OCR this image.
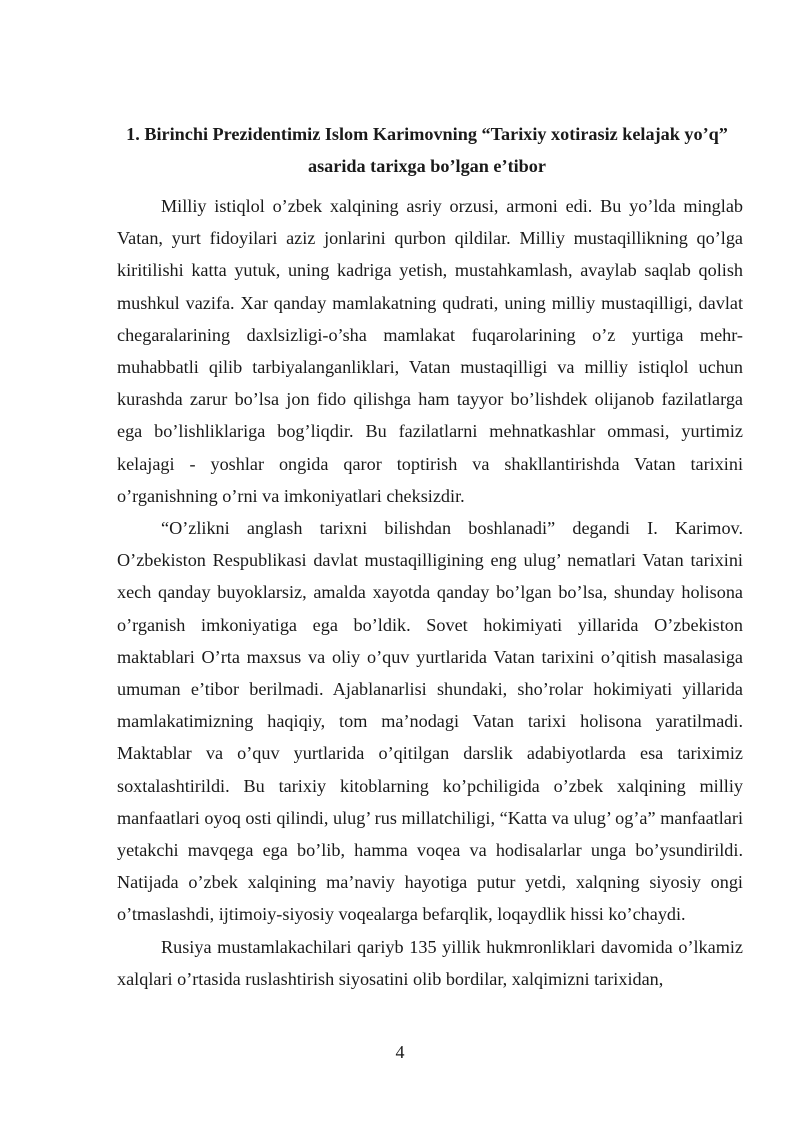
1. Birinchi Prezidentimiz Islom Karimovning “Tarixiy xotirasiz kelajak yo’q”
asarida tarixga bo’lgan e’tibor

Milliy istiqlol o’zbek xalqining asriy orzusi, armoni edi. Bu yo’lda minglab Vatan, yurt fidoyilari aziz jonlarini qurbon qildilar. Milliy mustaqillikning qo’lga kiritilishi katta yutuk, uning kadriga yetish, mustahkamlash, avaylab saqlab qolish mushkul vazifa. Xar qanday mamlakatning qudrati, uning milliy mustaqilligi, davlat chegaralarining daxlsizligi-o’sha mamlakat fuqarolarining o’z yurtiga mehr-muhabbatli qilib tarbiyalanganliklari, Vatan mustaqilligi va milliy istiqlol uchun kurashda zarur bo’lsa jon fido qilishga ham tayyor bo’lishdek olijanob fazilatlarga ega bo’lishliklariga bog’liqdir. Bu fazilatlarni mehnatkashlar ommasi, yurtimiz kelajagi - yoshlar ongida qaror toptirish va shakllantirishda Vatan tarixini o’rganishning o’rni va imkoniyatlari cheksizdir.

“O’zlikni anglash tarixni bilishdan boshlanadi” degandi I. Karimov. O’zbekiston Respublikasi davlat mustaqilligining eng ulug’ nematlari Vatan tarixini xech qanday buyoklarsiz, amalda xayotda qanday bo’lgan bo’lsa, shunday holisona o’rganish imkoniyatiga ega bo’ldik. Sovet hokimiyati yillarida O’zbekiston maktablari O’rta maxsus va oliy o’quv yurtlarida Vatan tarixini o’qitish masalasiga umuman e’tibor berilmadi. Ajablanarlisi shundaki, sho’rolar hokimiyati yillarida mamlakatimizning haqiqiy, tom ma’nodagi Vatan tarixi holisona yaratilmadi. Maktablar va o’quv yurtlarida o’qitilgan darslik adabiyotlarda esa tariximiz soxtalashtirildi. Bu tarixiy kitoblarning ko’pchiligida o’zbek xalqining milliy manfaatlari oyoq osti qilindi, ulug’ rus millatchiligi, “Katta va ulug’ og’a” manfaatlari yetakchi mavqega ega bo’lib, hamma voqea va hodisalarlar unga bo’ysundirildi. Natijada o’zbek xalqining ma’naviy hayotiga putur yetdi, xalqning siyosiy ongi o’tmaslashdi, ijtimoiy-siyosiy voqealarga befarqlik, loqaydlik hissi ko’chaydi.

Rusiya mustamlakachilari qariyb 135 yillik hukmronliklari davomida o’lkamiz xalqlari o’rtasida ruslashtirish siyosatini olib bordilar, xalqimizni tarixidan,

4
